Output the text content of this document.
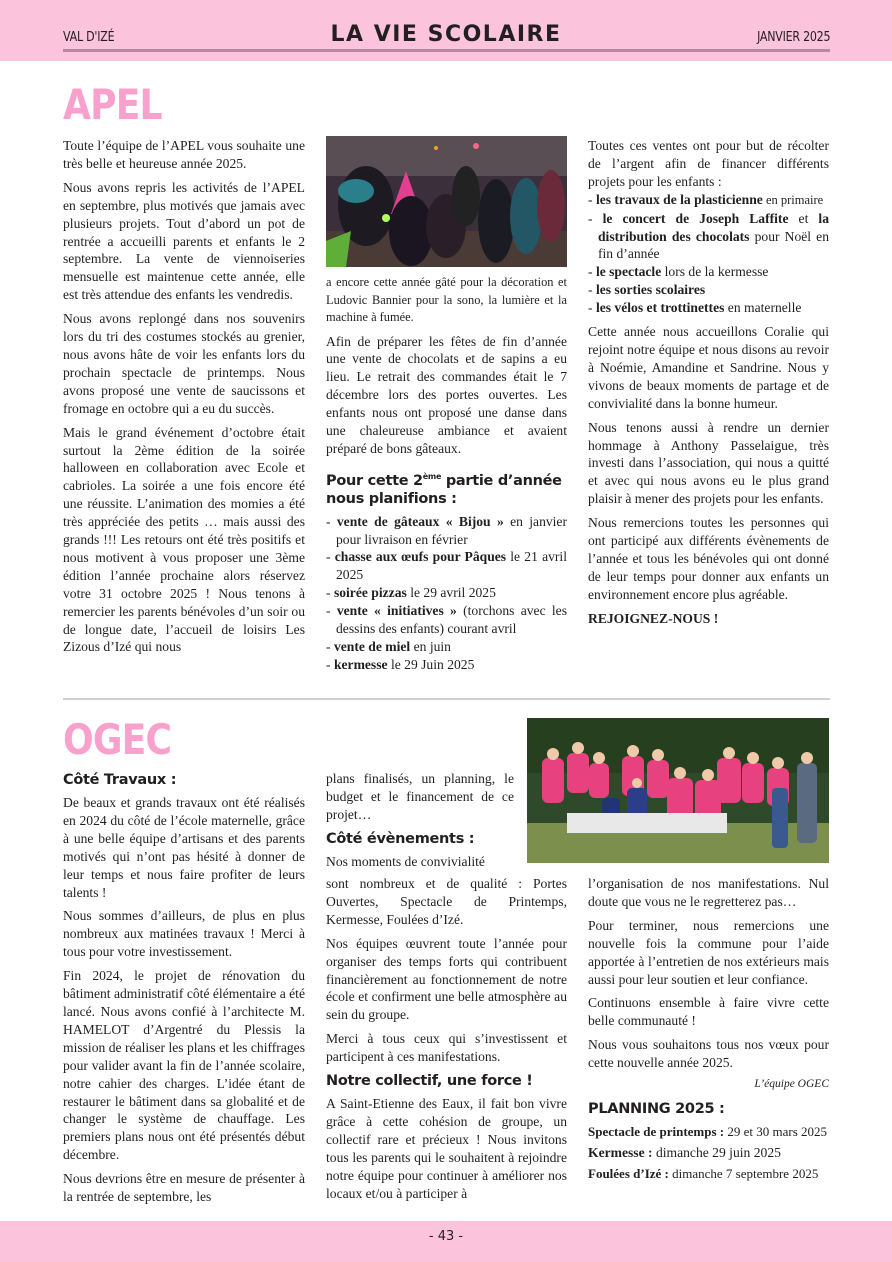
VAL D'IZÉ	LA VIE SCOLAIRE	JANVIER 2025
APEL

Toute l’équipe de l’APEL vous souhaite une très belle et heureuse année 2025.

Nous avons repris les activités de l’APEL en septembre, plus motivés que jamais avec plusieurs projets. Tout d’abord un pot de rentrée a accueilli parents et enfants le 2 septembre. La vente de viennoiseries mensuelle est maintenue cette année, elle est très attendue des enfants les vendredis.

Nous avons replongé dans nos souvenirs lors du tri des costumes stockés au grenier, nous avons hâte de voir les enfants lors du prochain spectacle de printemps. Nous avons proposé une vente de saucissons et fromage en octobre qui a eu du succès.

Mais le grand événement d’octobre était surtout la 2ème édition de la soirée halloween en collaboration avec Ecole et cabrioles. La soirée a une fois encore été une réussite. L’animation des momies a été très appréciée des petits … mais aussi des grands !!! Les retours ont été très positifs et nous motivent à vous proposer une 3ème édition l’année prochaine alors réservez votre 31 octobre 2025 ! Nous tenons à remercier les parents bénévoles d’un soir ou de longue date, l’accueil de loisirs Les Zizous d’Izé qui nous

a encore cette année gâté pour la décoration et Ludovic Bannier pour la sono, la lumière et la machine à fumée.

Afin de préparer les fêtes de fin d’année une vente de chocolats et de sapins a eu lieu. Le retrait des commandes était le 7 décembre lors des portes ouvertes. Les enfants nous ont proposé une danse dans une chaleureuse ambiance et avaient préparé de bons gâteaux.

Pour cette 2ème partie d’année nous planifions :
- vente de gâteaux « Bijou » en janvier pour livraison en février
- chasse aux œufs pour Pâques le 21 avril 2025
- soirée pizzas le 29 avril 2025
- vente « initiatives » (torchons avec les dessins des enfants) courant avril
- vente de miel en juin
- kermesse le 29 Juin 2025

Toutes ces ventes ont pour but de récolter de l’argent afin de financer différents projets pour les enfants :

- les travaux de la plasticienne en primaire
- le concert de Joseph Laffite et la distribution des chocolats pour Noël en fin d’année
- le spectacle lors de la kermesse
- les sorties scolaires
- les vélos et trottinettes en maternelle

Cette année nous accueillons Coralie qui rejoint notre équipe et nous disons au revoir à Noémie, Amandine et Sandrine. Nous y vivons de beaux moments de partage et de convivialité dans la bonne humeur.

Nous tenons aussi à rendre un dernier hommage à Anthony Passelaigue, très investi dans l’association, qui nous a quitté et avec qui nous avons eu le plus grand plaisir à mener des projets pour les enfants.

Nous remercions toutes les personnes qui ont participé aux différents évènements de l’année et tous les bénévoles qui ont donné de leur temps pour donner aux enfants un environnement encore plus agréable.

REJOIGNEZ-NOUS !

OGEC
Côté Travaux :

De beaux et grands travaux ont été réalisés en 2024 du côté de l’école maternelle, grâce à une belle équipe d’artisans et des parents motivés qui n’ont pas hésité à donner de leur temps et nous faire profiter de leurs talents !

Nous sommes d’ailleurs, de plus en plus nombreux aux matinées travaux ! Merci à tous pour votre investissement.

Fin 2024, le projet de rénovation du bâtiment administratif côté élémentaire a été lancé. Nous avons confié à l’architecte M. HAMELOT d’Argentré du Plessis la mission de réaliser les plans et les chiffrages pour valider avant la fin de l’année scolaire, notre cahier des charges. L’idée étant de restaurer le bâtiment dans sa globalité et de changer le système de chauffage. Les premiers plans nous ont été présentés début décembre.

Nous devrions être en mesure de présenter à la rentrée de septembre, les

plans finalisés, un planning, le budget et le financement de ce projet…

Côté évènements :

Nos moments de convivialité

sont nombreux et de qualité : Portes Ouvertes, Spectacle de Printemps, Kermesse, Foulées d’Izé.

Nos équipes œuvrent toute l’année pour organiser des temps forts qui contribuent financièrement au fonctionnement de notre école et confirment une belle atmosphère au sein du groupe.

Merci à tous ceux qui s’investissent et participent à ces manifestations.

Notre collectif, une force !

A Saint-Etienne des Eaux, il fait bon vivre grâce à cette cohésion de groupe, un collectif rare et précieux ! Nous invitons tous les parents qui le souhaitent à rejoindre notre équipe pour continuer à améliorer nos locaux et/ou à participer à

l’organisation de nos manifestations. Nul doute que vous ne le regretterez pas…

Pour terminer, nous remercions une nouvelle fois la commune pour l’aide apportée à l’entretien de nos extérieurs mais aussi pour leur soutien et leur confiance.

Continuons ensemble à faire vivre cette belle communauté !

Nous vous souhaitons tous nos vœux pour cette nouvelle année 2025.

L’équipe OGEC

PLANNING 2025 :
Spectacle de printemps : 29 et 30 mars 2025
Kermesse : dimanche 29 juin 2025
Foulées d’Izé : dimanche 7 septembre 2025
- 43 -
